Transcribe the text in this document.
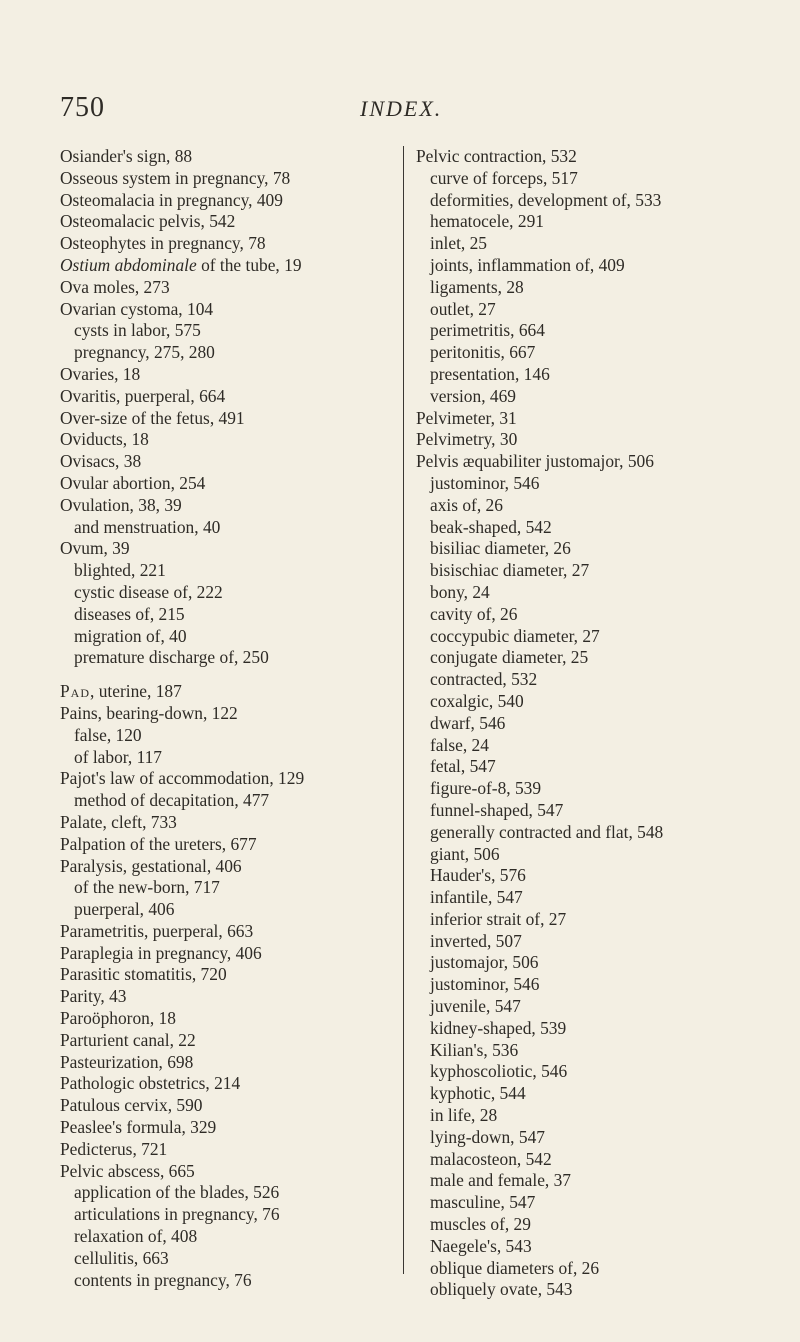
750	INDEX.
Osiander's sign, 88
Osseous system in pregnancy, 78
Osteomalacia in pregnancy, 409
Osteomalacic pelvis, 542
Osteophytes in pregnancy, 78
Ostium abdominale of the tube, 19
Ova moles, 273
Ovarian cystoma, 104
cysts in labor, 575
pregnancy, 275, 280
Ovaries, 18
Ovaritis, puerperal, 664
Over-size of the fetus, 491
Oviducts, 18
Ovisacs, 38
Ovular abortion, 254
Ovulation, 38, 39
and menstruation, 40
Ovum, 39
blighted, 221
cystic disease of, 222
diseases of, 215
migration of, 40
premature discharge of, 250
Pad, uterine, 187
Pains, bearing-down, 122
false, 120
of labor, 117
Pajot's law of accommodation, 129
method of decapitation, 477
Palate, cleft, 733
Palpation of the ureters, 677
Paralysis, gestational, 406
of the new-born, 717
puerperal, 406
Parametritis, puerperal, 663
Paraplegia in pregnancy, 406
Parasitic stomatitis, 720
Parity, 43
Paroöphoron, 18
Parturient canal, 22
Pasteurization, 698
Pathologic obstetrics, 214
Patulous cervix, 590
Peaslee's formula, 329
Pedicterus, 721
Pelvic abscess, 665
application of the blades, 526
articulations in pregnancy, 76
relaxation of, 408
cellulitis, 663
contents in pregnancy, 76
Pelvic contraction, 532
curve of forceps, 517
deformities, development of, 533
hematocele, 291
inlet, 25
joints, inflammation of, 409
ligaments, 28
outlet, 27
perimetritis, 664
peritonitis, 667
presentation, 146
version, 469
Pelvimeter, 31
Pelvimetry, 30
Pelvis æquabiliter justomajor, 506
justominor, 546
axis of, 26
beak-shaped, 542
bisiliac diameter, 26
bisischiac diameter, 27
bony, 24
cavity of, 26
coccypubic diameter, 27
conjugate diameter, 25
contracted, 532
coxalgic, 540
dwarf, 546
false, 24
fetal, 547
figure-of-8, 539
funnel-shaped, 547
generally contracted and flat, 548
giant, 506
Hauder's, 576
infantile, 547
inferior strait of, 27
inverted, 507
justomajor, 506
justominor, 546
juvenile, 547
kidney-shaped, 539
Kilian's, 536
kyphoscoliotic, 546
kyphotic, 544
in life, 28
lying-down, 547
malacosteon, 542
male and female, 37
masculine, 547
muscles of, 29
Naegele's, 543
oblique diameters of, 26
obliquely ovate, 543
